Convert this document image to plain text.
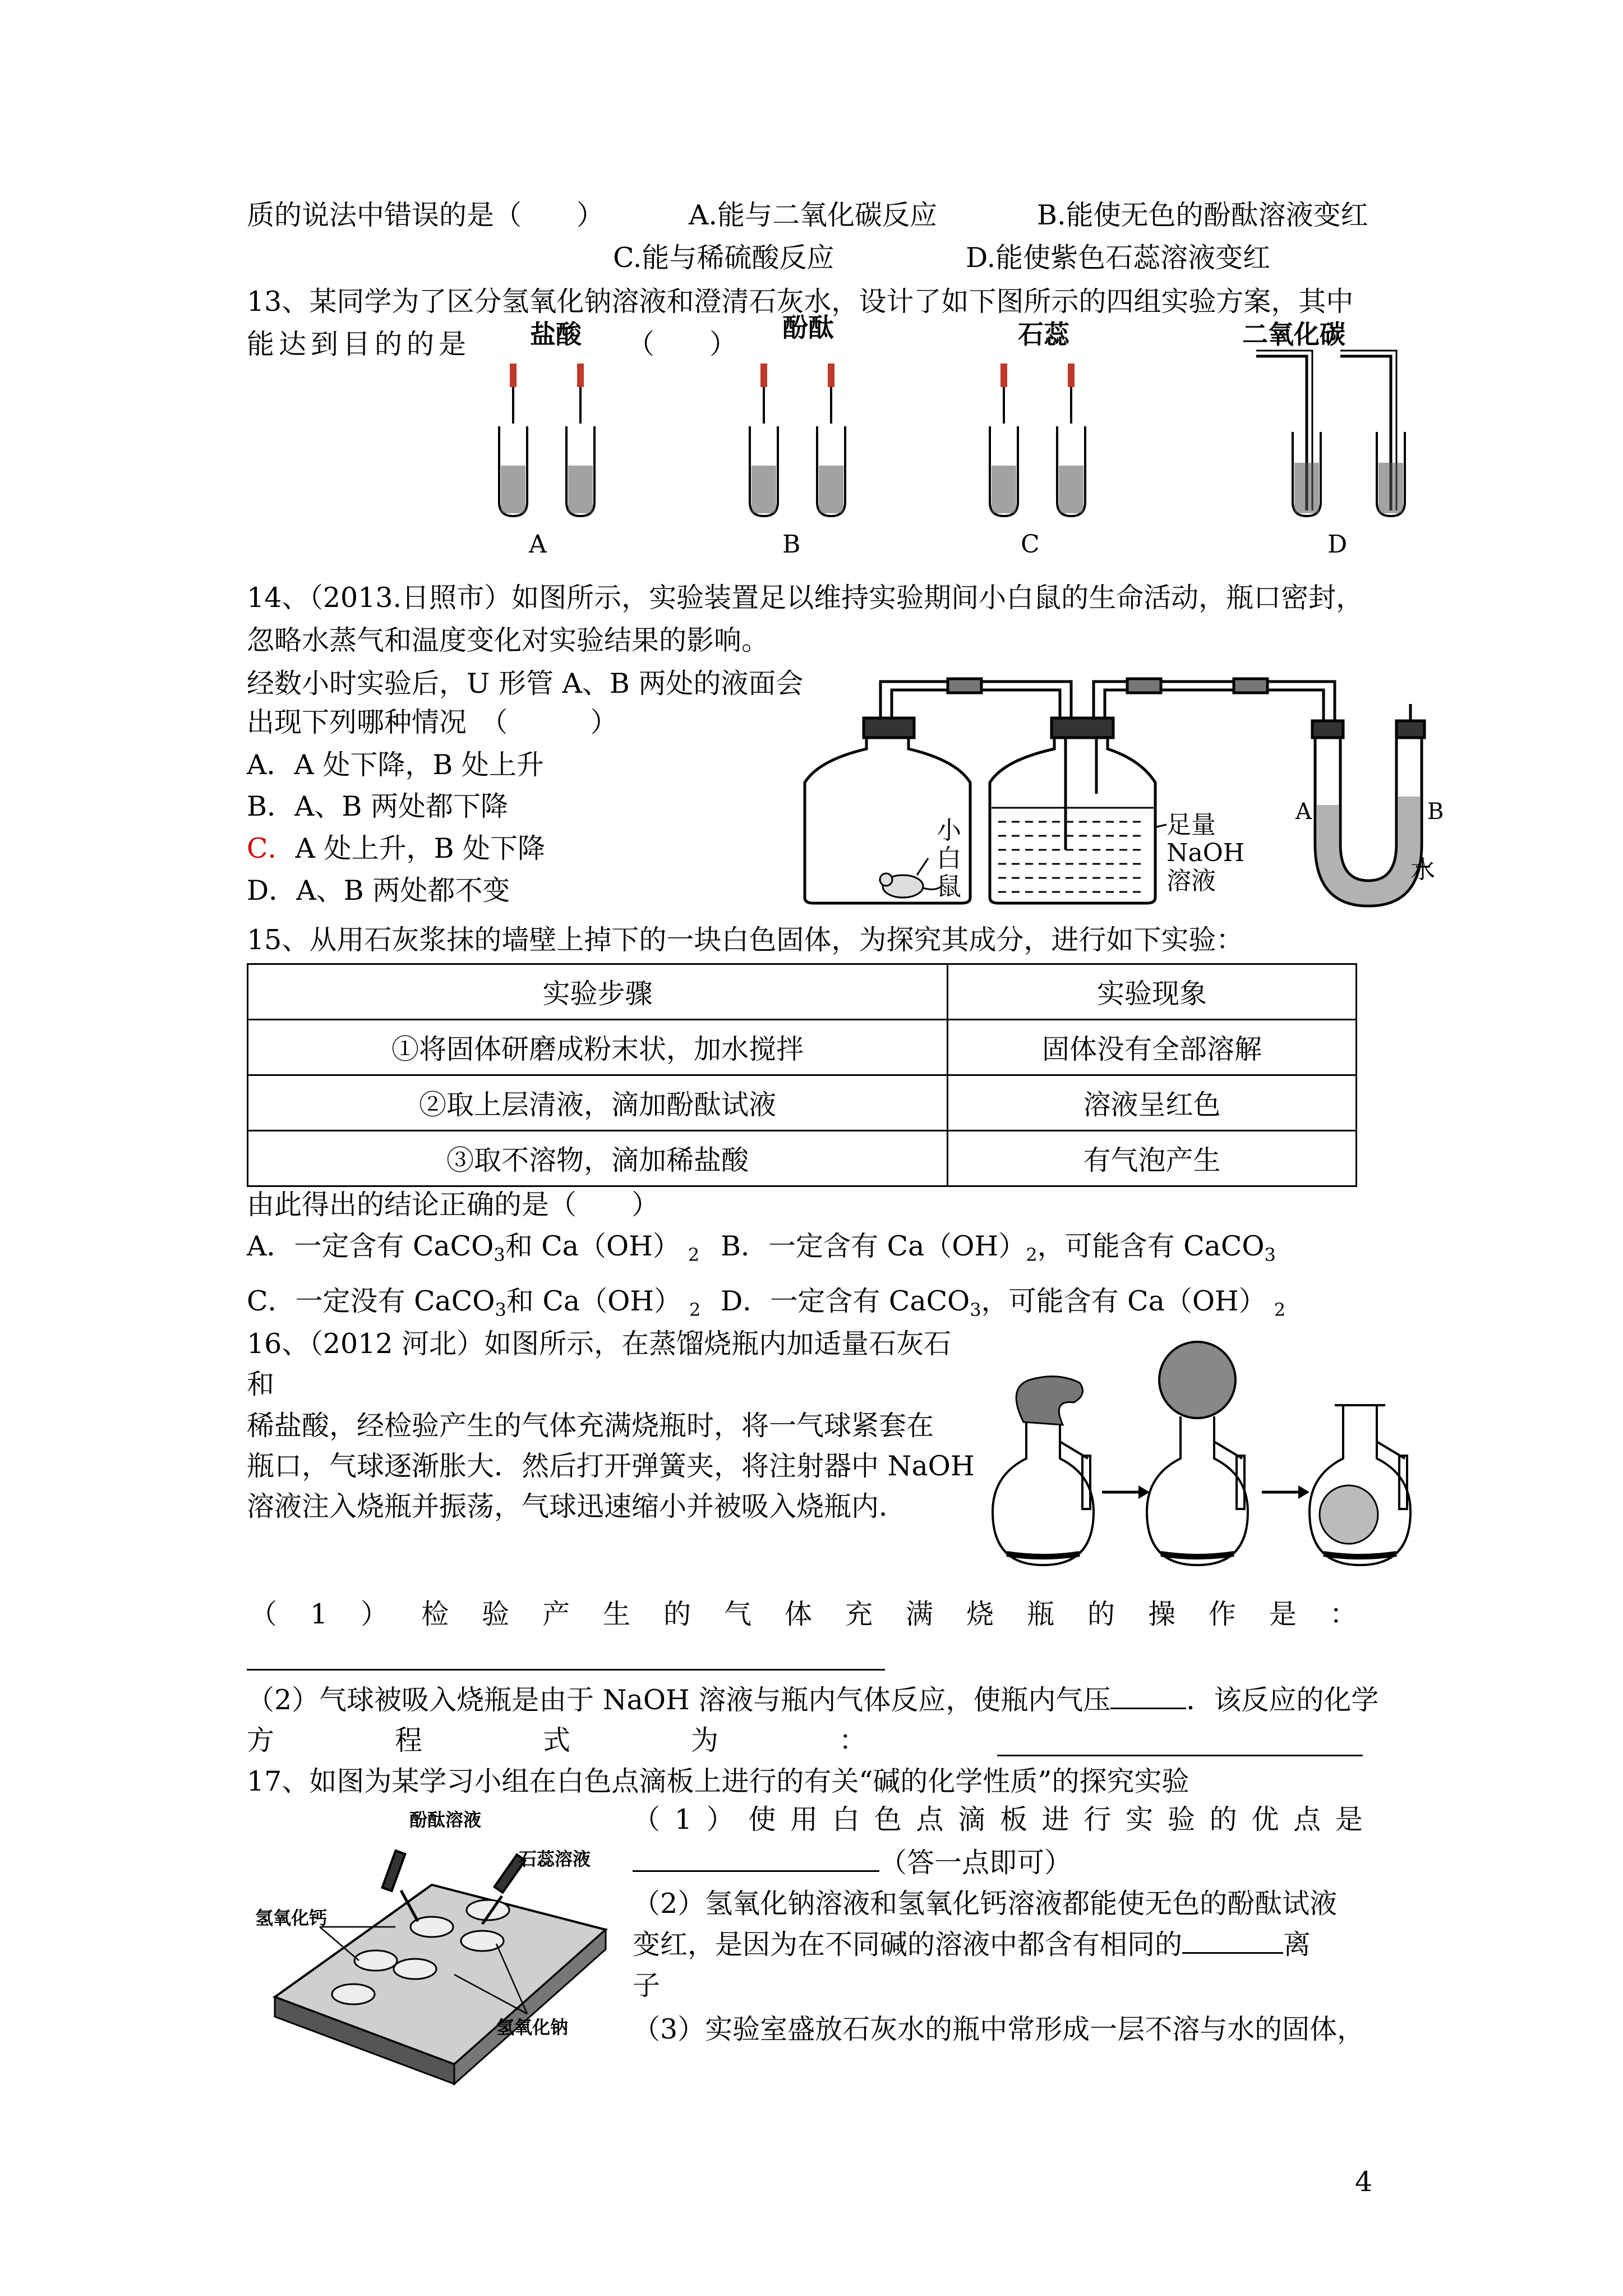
质的说法中错误的是（　　）	A.能与二氧化碳反应	B.能使无色的酚酞溶液变红
C.能与稀硫酸反应	D.能使紫色石蕊溶液变红
13、某同学为了区分氢氧化钠溶液和澄清石灰水，设计了如下图所示的四组实验方案，其中
能达到目的的是	（　　）
盐酸	酚酞	石蕊	二氧化碳
A	B	C	D
14、（2013.日照市）如图所示，实验装置足以维持实验期间小白鼠的生命活动，瓶口密封，
忽略水蒸气和温度变化对实验结果的影响。
经数小时实验后，U 形管 A、B 两处的液面会
出现下列哪种情况　（　　　）
A．A 处下降，B 处上升
B．A、B 两处都下降
C．A 处上升，B 处下降
D．A、B 两处都不变
小
白
鼠
足量
NaOH
溶液
A	B
水
15、从用石灰浆抹的墙壁上掉下的一块白色固体，为探究其成分，进行如下实验：
实验步骤	实验现象
①将固体研磨成粉末状，加水搅拌	固体没有全部溶解
②取上层清液，滴加酚酞试液	溶液呈红色
③取不溶物，滴加稀盐酸	有气泡产生
由此得出的结论正确的是（　　）
A．一定含有 CaCO$_3$和 Ca（OH） $_2$ B．一定含有 $Ca(OH)_2$，可能含有 CaCO$_3$
C．一定没有 CaCO$_3$和 Ca（OH） $_2$ D．一定含有 CaCO$_3$，可能含有 Ca（OH） $_2$
16、（2012 河北）如图所示，在蒸馏烧瓶内加适量石灰石
和
稀盐酸，经检验产生的气体充满烧瓶时，将一气球紧套在
瓶口，气球逐渐胀大．然后打开弹簧夹，将注射器中 NaOH
溶液注入烧瓶并振荡，气球迅速缩小并被吸入烧瓶内．
（ 1 ） 检 验 产 生 的 气 体 充 满 烧 瓶 的 操 作 是 ：
（2）气球被吸入烧瓶是由于 NaOH 溶液与瓶内气体反应，使瓶内气压	．该反应的化学
方	程	式	为	：
17、如图为某学习小组在白色点滴板上进行的有关“碱的化学性质”的探究实验
酚酞溶液
石蕊溶液
氢氧化钙
氢氧化钠
（ 1 ） 使 用 白 色 点 滴 板 进 行 实 验 的 优 点 是
（答一点即可）
（2）氢氧化钠溶液和氢氧化钙溶液都能使无色的酚酞试液
变红，是因为在不同碱的溶液中都含有相同的	离
子
（3）实验室盛放石灰水的瓶中常形成一层不溶与水的固体，
4
